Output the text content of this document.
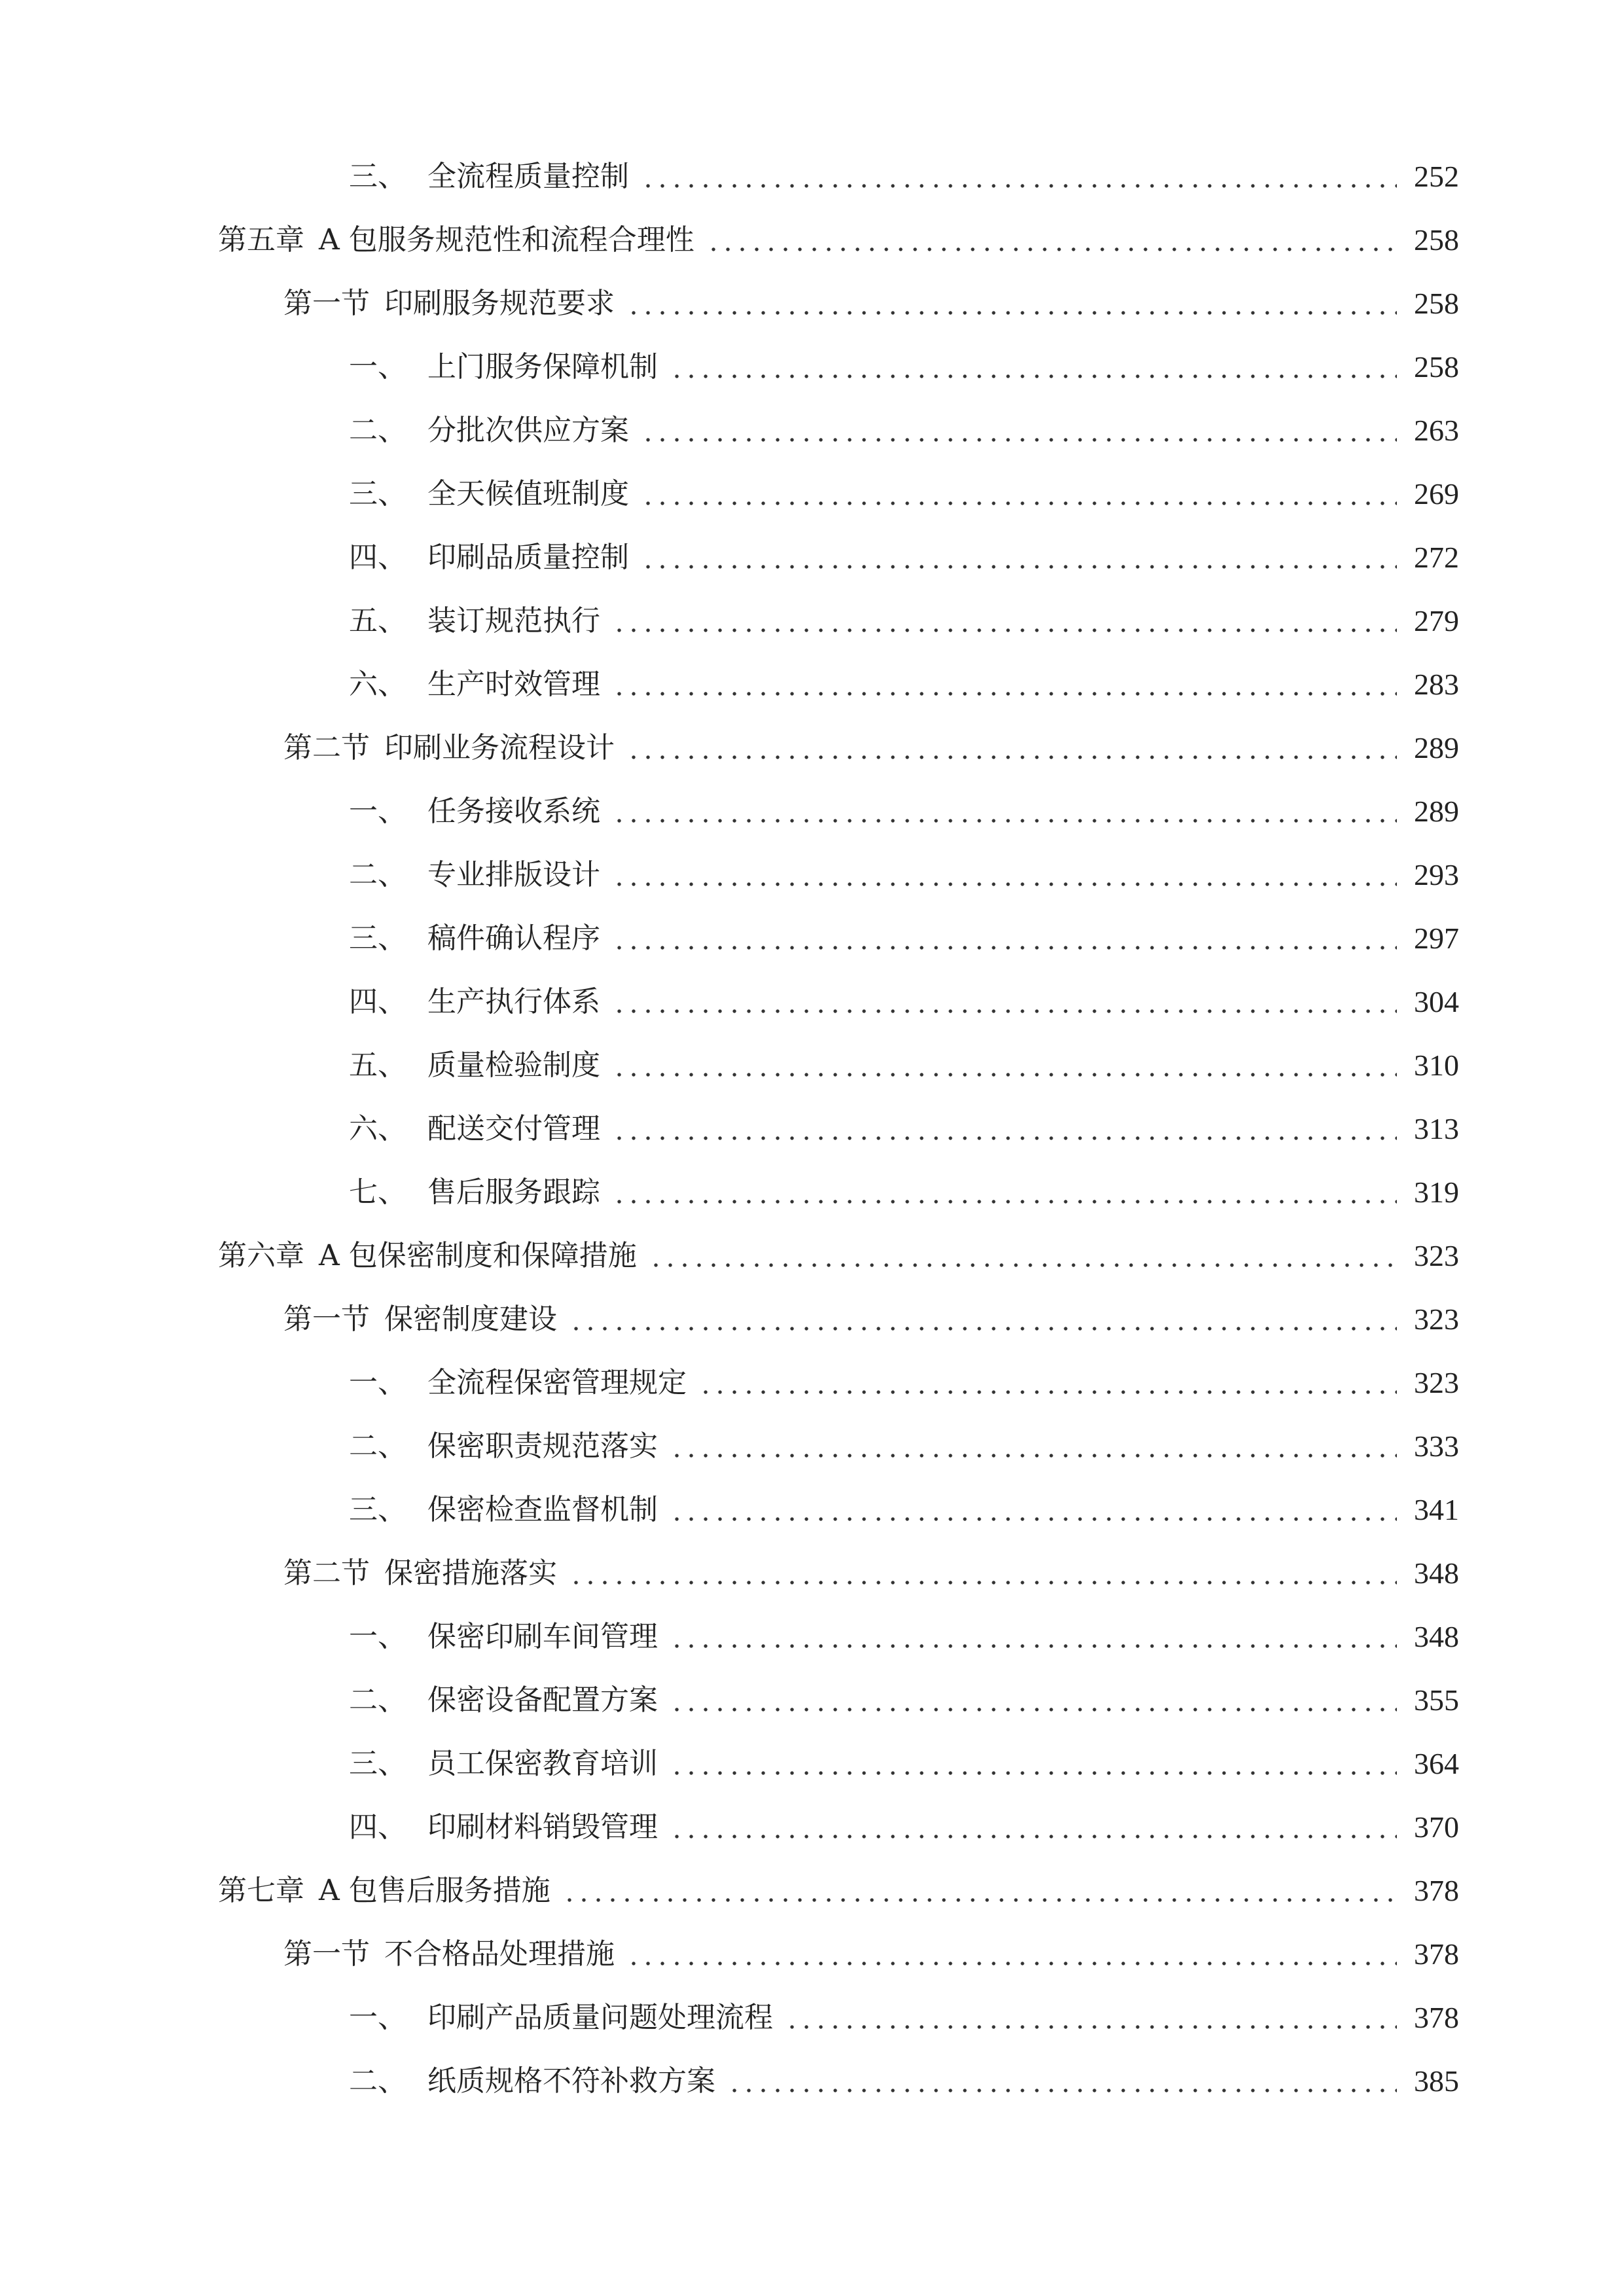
三、 全流程质量控制	252
第五章 A 包服务规范性和流程合理性	258
第一节 印刷服务规范要求	258
一、 上门服务保障机制	258
二、 分批次供应方案	263
三、 全天候值班制度	269
四、 印刷品质量控制	272
五、 装订规范执行	279
六、 生产时效管理	283
第二节 印刷业务流程设计	289
一、 任务接收系统	289
二、 专业排版设计	293
三、 稿件确认程序	297
四、 生产执行体系	304
五、 质量检验制度	310
六、 配送交付管理	313
七、 售后服务跟踪	319
第六章 A 包保密制度和保障措施	323
第一节 保密制度建设	323
一、 全流程保密管理规定	323
二、 保密职责规范落实	333
三、 保密检查监督机制	341
第二节 保密措施落实	348
一、 保密印刷车间管理	348
二、 保密设备配置方案	355
三、 员工保密教育培训	364
四、 印刷材料销毁管理	370
第七章 A 包售后服务措施	378
第一节 不合格品处理措施	378
一、 印刷产品质量问题处理流程	378
二、 纸质规格不符补救方案	385
